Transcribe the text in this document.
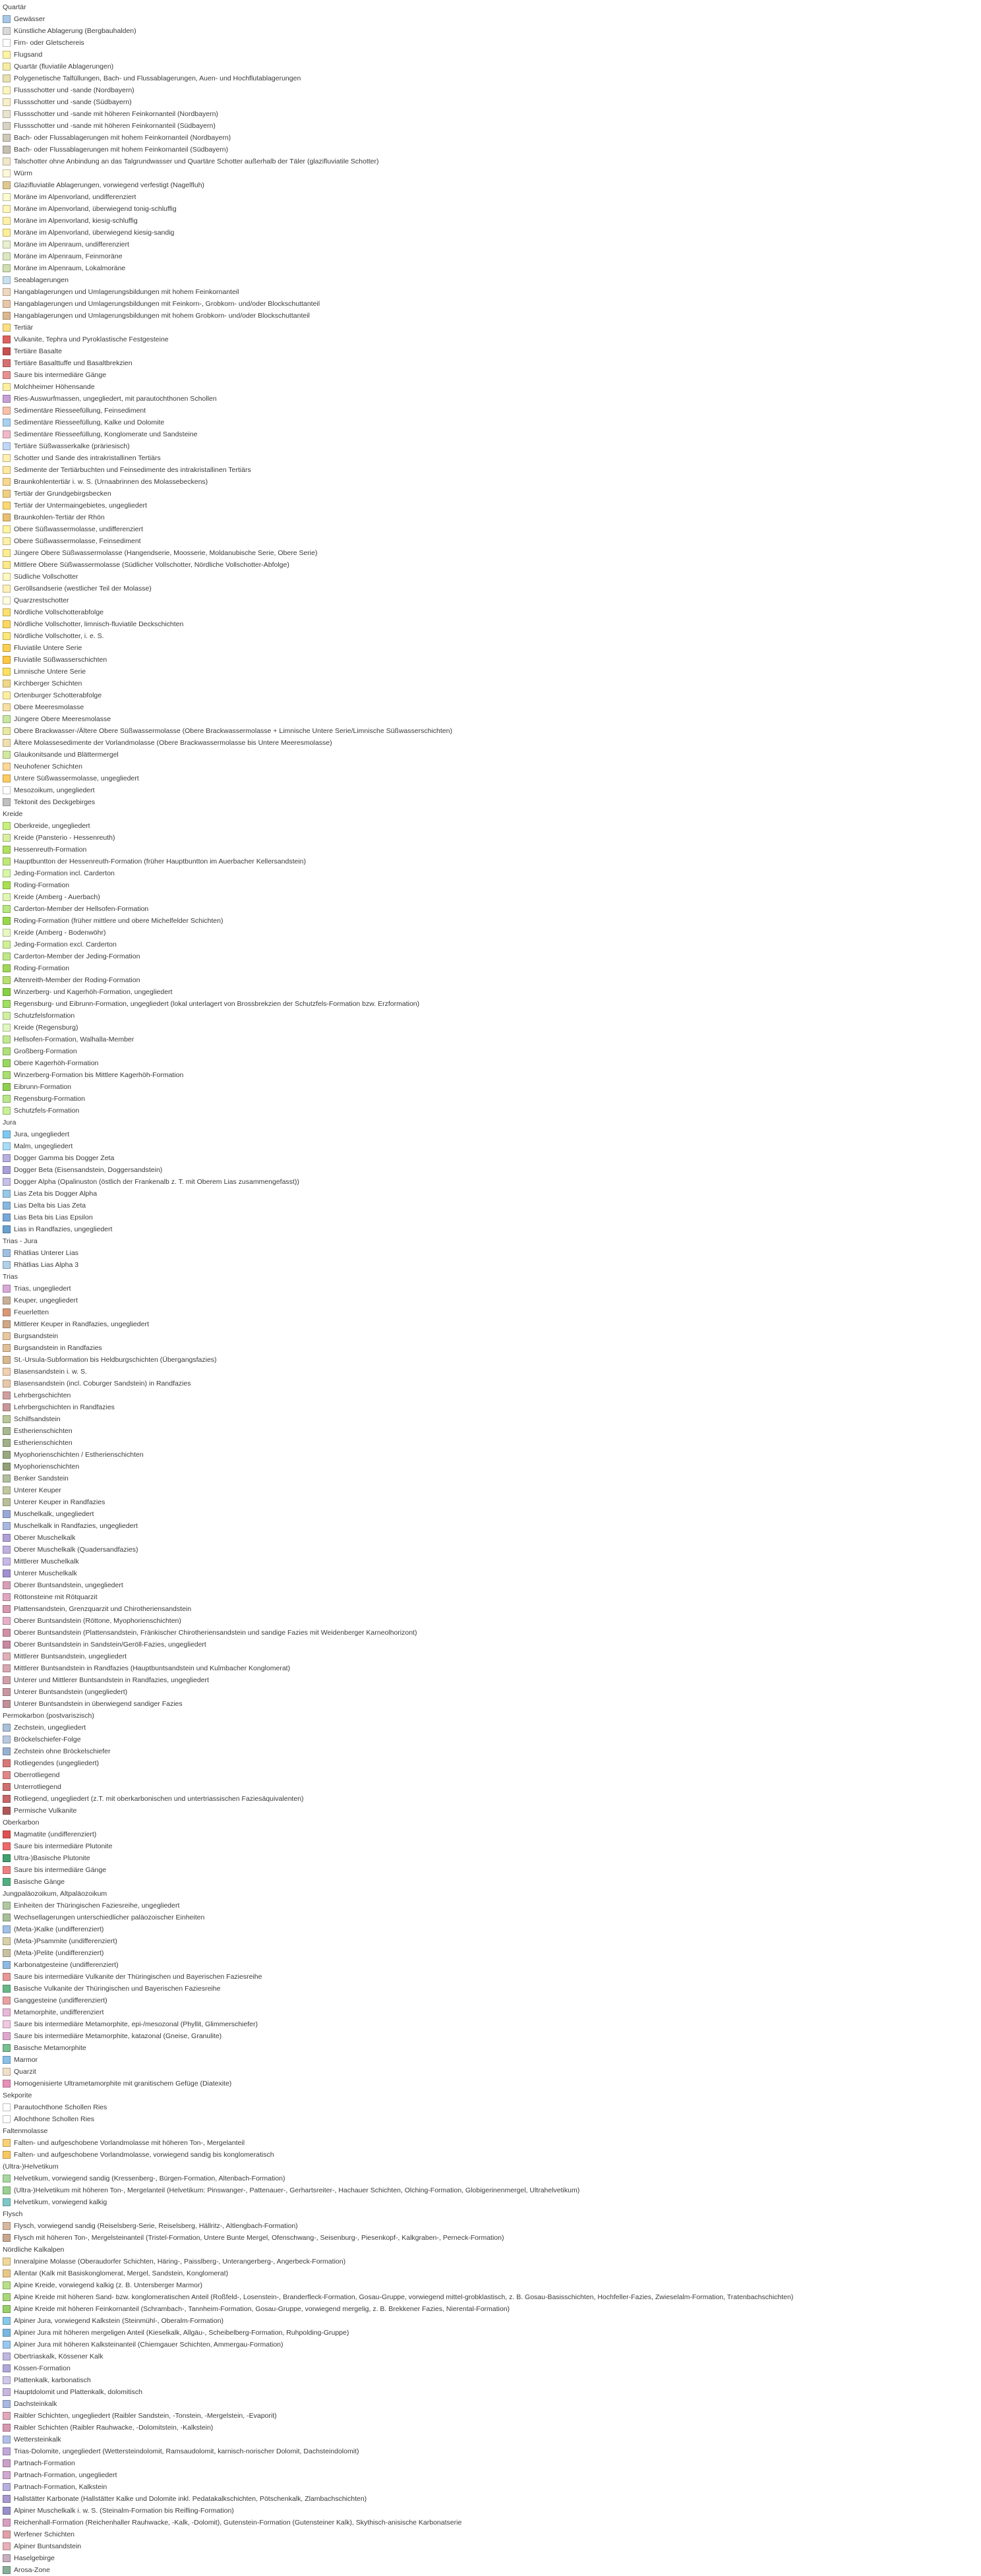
Quartär
Gewässer
Künstliche Ablagerung (Bergbauhalden)
Firn- oder Gletschereis
Flugsand
Quartär (fluviatile Ablagerungen)
Polygenetische Talfüllungen, Bach- und Flussablagerungen, Auen- und Hochflutablagerungen
Flussschotter und -sande (Nordbayern)
Flussschotter und -sande (Südbayern)
Flussschotter und -sande mit höheren Feinkornanteil (Nordbayern)
Flussschotter und -sande mit höheren Feinkornanteil (Südbayern)
Bach- oder Flussablagerungen mit hohem Feinkornanteil (Nordbayern)
Bach- oder Flussablagerungen mit hohem Feinkornanteil (Südbayern)
Talschotter ohne Anbindung an das Talgrundwasser und Quartäre Schotter außerhalb der Täler (glazifluviatile Schotter)
Würm
Glazifluviatile Ablagerungen, vorwiegend verfestigt (Nagelfluh)
Moräne im Alpenvorland, undifferenziert
Moräne im Alpenvorland, überwiegend tonig-schluffig
Moräne im Alpenvorland, kiesig-schluffig
Moräne im Alpenvorland, überwiegend kiesig-sandig
Moräne im Alpenraum, undifferenziert
Moräne im Alpenraum, Feinmoräne
Moräne im Alpenraum, Lokalmoräne
Seeablagerungen
Hangablagerungen und Umlagerungsbildungen mit hohem Feinkornanteil
Hangablagerungen und Umlagerungsbildungen mit Feinkorn-, Grobkorn- und/oder Blockschuttanteil
Hangablagerungen und Umlagerungsbildungen mit hohem Grobkorn- und/oder Blockschuttanteil
Tertiär
Vulkanite, Tephra und Pyroklastische Festgesteine
Tertiäre Basalte
Tertiäre Basalttuffe und Basaltbrekzien
Saure bis intermediäre Gänge
Molchheimer Höhensande
Ries-Auswurfmassen, ungegliedert, mit parautochthonen Schollen
Sedimentäre Riesseefüllung, Feinsediment
Sedimentäre Riesseefüllung, Kalke und Dolomite
Sedimentäre Riesseefüllung, Konglomerate und Sandsteine
Tertiäre Süßwasserkalke (präriesisch)
Schotter und Sande des intrakristallinen Tertiärs
Sedimente der Tertiärbuchten und Feinsedimente des intrakristallinen Tertiärs
Braunkohlentertiär i. w. S. (Urnaabrinnen des Molassebeckens)
Tertiär der Grundgebirgsbecken
Tertiär der Untermaingebietes, ungegliedert
Braunkohlen-Tertiär der Rhön
Obere Süßwassermolasse, undifferenziert
Obere Süßwassermolasse, Feinsediment
Jüngere Obere Süßwassermolasse (Hangendserie, Moosserie, Moldanubische Serie, Obere Serie)
Mittlere Obere Süßwassermolasse (Südlicher Vollschotter, Nördliche Vollschotter-Abfolge)
Südliche Vollschotter
Geröllsandserie (westlicher Teil der Molasse)
Quarzrestschotter
Nördliche Vollschotterabfolge
Nördliche Vollschotter, limnisch-fluviatile Deckschichten
Nördliche Vollschotter, i. e. S.
Fluviatile Untere Serie
Fluviatile Süßwasserschichten
Limnische Untere Serie
Kirchberger Schichten
Ortenburger Schotterabfolge
Obere Meeresmolasse
Jüngere Obere Meeresmolasse
Obere Brackwasser-/Ältere Obere Süßwassermolasse (Obere Brackwassermolasse + Limnische Untere Serie/Limnische Süßwasserschichten)
Ältere Molassesedimente der Vorlandmolasse (Obere Brackwassermolasse bis Untere Meeresmolasse)
Glaukonitsande und Blättermergel
Neuhofener Schichten
Untere Süßwassermolasse, ungegliedert
Mesozoikum, ungegliedert
Tektonit des Deckgebirges
Kreide
Oberkreide, ungegliedert
Kreide (Pansterio - Hessenreuth)
Hessenreuth-Formation
Hauptbuntton der Hessenreuth-Formation (früher Hauptbuntton im Auerbacher Kellersandstein)
Jeding-Formation incl. Carderton
Roding-Formation
Kreide (Amberg - Auerbach)
Carderton-Member der Hellsofen-Formation
Roding-Formation (früher mittlere und obere Michelfelder Schichten)
Kreide (Amberg - Bodenwöhr)
Jeding-Formation excl. Carderton
Carderton-Member der Jeding-Formation
Roding-Formation
Altenreith-Member der Roding-Formation
Winzerberg- und Kagerhöh-Formation, ungegliedert
Regensburg- und Eibrunn-Formation, ungegliedert (lokal unterlagert von Brossbrekzien der Schutzfels-Formation bzw. Erzformation)
Schutzfelsformation
Kreide (Regensburg)
Hellsofen-Formation, Walhalla-Member
Großberg-Formation
Obere Kagerhöh-Formation
Winzerberg-Formation bis Mittlere Kagerhöh-Formation
Eibrunn-Formation
Regensburg-Formation
Schutzfels-Formation
Jura
Jura, ungegliedert
Malm, ungegliedert
Dogger Gamma bis Dogger Zeta
Dogger Beta (Eisensandstein, Doggersandstein)
Dogger Alpha (Opalinuston (östlich der Frankenalb z. T. mit Oberem Lias zusammengefasst))
Lias Zeta bis Dogger Alpha
Lias Delta bis Lias Zeta
Lias Beta bis Lias Epsilon
Lias in Randfazies, ungegliedert
Trias - Jura
Rhätlias Unterer Lias
Rhätlias Lias Alpha 3
Trias
Trias, ungegliedert
Keuper, ungegliedert
Feuerletten
Mittlerer Keuper in Randfazies, ungegliedert
Burgsandstein
Burgsandstein in Randfazies
St.-Ursula-Subformation bis Heldburgschichten (Übergangsfazies)
Blasensandstein i. w. S.
Blasensandstein (incl. Coburger Sandstein) in Randfazies
Lehrbergschichten
Lehrbergschichten in Randfazies
Schilfsandstein
Estherienschichten
Estherienschichten
Myophorienschichten / Estherienschichten
Myophorienschichten
Benker Sandstein
Unterer Keuper
Unterer Keuper in Randfazies
Muschelkalk, ungegliedert
Muschelkalk in Randfazies, ungegliedert
Oberer Muschelkalk
Oberer Muschelkalk (Quadersandfazies)
Mittlerer Muschelkalk
Unterer Muschelkalk
Oberer Buntsandstein, ungegliedert
Röttonsteine mit Rötquarzit
Plattensandstein, Grenzquarzit und Chirotheriensandstein
Oberer Buntsandstein (Röttone, Myophorienschichten)
Oberer Buntsandstein (Plattensandstein, Fränkischer Chirotheriensandstein und sandige Fazies mit Weidenberger Karneolhorizont)
Oberer Buntsandstein in Sandstein/Geröll-Fazies, ungegliedert
Mittlerer Buntsandstein, ungegliedert
Mittlerer Buntsandstein in Randfazies (Hauptbuntsandstein und Kulmbacher Konglomerat)
Unterer und Mittlerer Buntsandstein in Randfazies, ungegliedert
Unterer Buntsandstein (ungegliedert)
Unterer Buntsandstein in überwiegend sandiger Fazies
Permokarbon (postvariszisch)
Zechstein, ungegliedert
Bröckelschiefer-Folge
Zechstein ohne Bröckelschiefer
Rotliegendes (ungegliedert)
Oberrotliegend
Unterrotliegend
Rotliegend, ungegliedert (z.T. mit oberkarbonischen und untertriassischen Faziesäquivalenten)
Permische Vulkanite
Oberkarbon
Magmatite (undifferenziert)
Saure bis intermediäre Plutonite
Ultra-)Basische Plutonite
Saure bis intermediäre Gänge
Basische Gänge
Jungpaläozoikum, Altpaläozoikum
Einheiten der Thüringischen Faziesreihe, ungegliedert
Wechsellagerungen unterschiedlicher paläozoischer Einheiten
(Meta-)Kalke (undifferenziert)
(Meta-)Psammite (undifferenziert)
(Meta-)Pelite (undifferenziert)
Karbonatgesteine (undifferenziert)
Saure bis intermediäre Vulkanite der Thüringischen und Bayerischen Faziesreihe
Basische Vulkanite der Thüringischen und Bayerischen Faziesreihe
Ganggesteine (undifferenziert)
Metamorphite, undifferenziert
Saure bis intermediäre Metamorphite, epi-/mesozonal (Phyllit, Glimmerschiefer)
Saure bis intermediäre Metamorphite, katazonal (Gneise, Granulite)
Basische Metamorphite
Marmor
Quarzit
Homogenisierte Ultrametamorphite mit granitischem Gefüge (Diatexite)
Sekporite
Parautochthone Schollen Ries
Allochthone Schollen Ries
Faltenmolasse
Falten- und aufgeschobene Vorlandmolasse mit höheren Ton-, Mergelanteil
Falten- und aufgeschobene Vorlandmolasse, vorwiegend sandig bis konglomeratisch
(Ultra-)Helvetikum
Helvetikum, vorwiegend sandig (Kressenberg-, Bürgen-Formation, Altenbach-Formation)
(Ultra-)Helvetikum mit höheren Ton-, Mergelanteil (Helvetikum: Pinswanger-, Pattenauer-, Gerhartsreiter-, Hachauer Schichten, Olching-Formation, Globigerinenmergel, Ultrahelvetikum)
Helvetikum, vorwiegend kalkig
Flysch
Flysch, vorwiegend sandig (Reiselsberg-Serie, Reiselsberg, Hällritz-, Altlengbach-Formation)
Flysch mit höheren Ton-, Mergelsteinanteil (Tristel-Formation, Untere Bunte Mergel, Ofenschwang-, Seisenburg-, Piesenkopf-, Kalkgraben-, Perneck-Formation)
Nördliche Kalkalpen
Inneralpine Molasse (Oberaudorfer Schichten, Häring-, Paisslberg-, Unterangerberg-, Angerbeck-Formation)
Allentar (Kalk mit Basiskonglomerat, Mergel, Sandstein, Konglomerat)
Alpine Kreide, vorwiegend kalkig (z. B. Untersberger Marmor)
Alpine Kreide mit höheren Sand- bzw. konglomeratischen Anteil (Roßfeld-, Losenstein-, Branderfleck-Formation, Gosau-Gruppe, vorwiegend mittel-grobklastisch, z. B. Gosau-Basisschichten, Hochfeller-Fazies, Zwieselalm-Formation, Tratenbachschichten)
Alpine Kreide mit höheren Feinkornanteil (Schrambach-, Tannheim-Formation, Gosau-Gruppe, vorwiegend mergelig, z. B. Brekkener Fazies, Nierental-Formation)
Alpiner Jura, vorwiegend Kalkstein (Steinmühl-, Oberalm-Formation)
Alpiner Jura mit höheren mergeligen Anteil (Kieselkalk, Allgäu-, Scheibelberg-Formation, Ruhpolding-Gruppe)
Alpiner Jura mit höheren Kalksteinanteil (Chiemgauer Schichten, Ammergau-Formation)
Obertriaskalk, Kössener Kalk
Kössen-Formation
Plattenkalk, karbonatisch
Hauptdolomit und Plattenkalk, dolomitisch
Dachsteinkalk
Raibler Schichten, ungegliedert (Raibler Sandstein, -Tonstein, -Mergelstein, -Evaporit)
Raibler Schichten (Raibler Rauhwacke, -Dolomitstein, -Kalkstein)
Wettersteinkalk
Trias-Dolomite, ungegliedert (Wettersteindolomit, Ramsaudolomit, karnisch-norischer Dolomit, Dachsteindolomit)
Partnach-Formation
Partnach-Formation, ungegliedert
Partnach-Formation, Kalkstein
Hallstätter Karbonate (Hallstätter Kalke und Dolomite inkl. Pedatakalkschichten, Pötschenkalk, Zlambachschichten)
Alpiner Muschelkalk i. w. S. (Steinalm-Formation bis Reifling-Formation)
Reichenhall-Formation (Reichenhaller Rauhwacke, -Kalk, -Dolomit), Gutenstein-Formation (Gutensteiner Kalk), Skythisch-anisische Karbonatserie
Werfener Schichten
Alpiner Buntsandstein
Haselgebirge
Arosa-Zone
